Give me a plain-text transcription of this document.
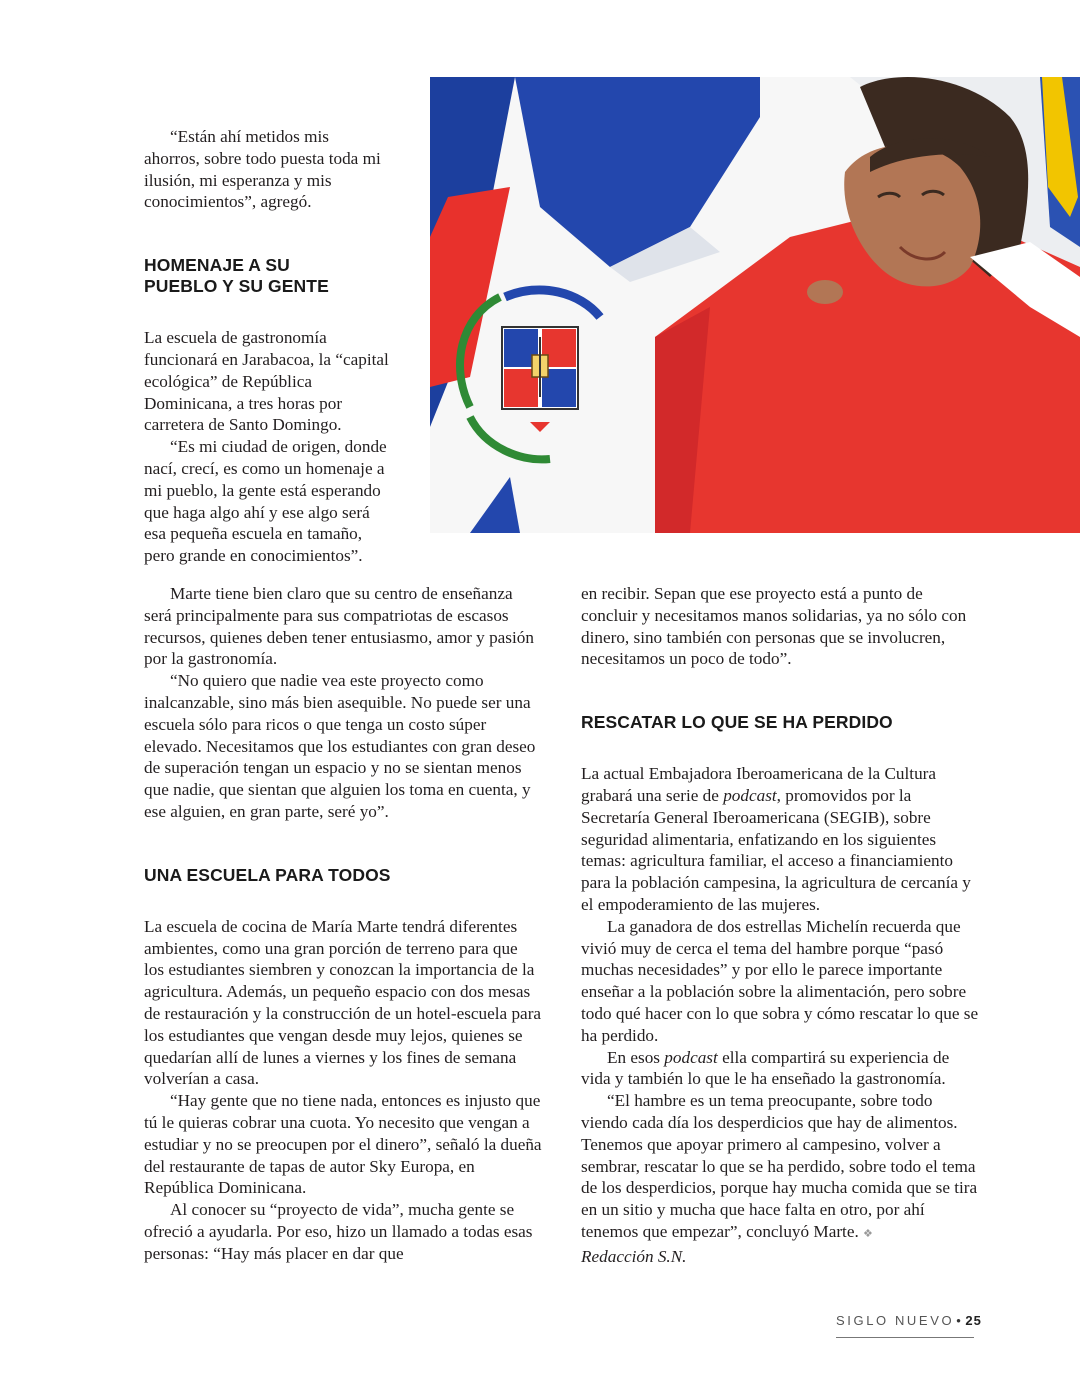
“Están ahí metidos mis ahorros, sobre todo puesta toda mi ilusión, mi esperanza y mis conocimientos”, agregó.

HOMENAJE A SU
PUEBLO Y SU GENTE

La escuela de gastronomía funcionará en Jarabacoa, la “capital ecológica” de República Dominicana, a tres horas por carretera de Santo Domingo.

“Es mi ciudad de origen, donde nací, crecí, es como un homenaje a mi pueblo, la gente está esperando que haga algo ahí y ese algo será esa pequeña escuela en tamaño, pero grande en conocimientos”.

Marte tiene bien claro que su centro de enseñanza será principalmente para sus compatriotas de escasos recursos, quienes deben tener entusiasmo, amor y pasión por la gastronomía.

“No quiero que nadie vea este proyecto como inalcanzable, sino más bien asequible. No puede ser una escuela sólo para ricos o que tenga un costo súper elevado. Necesitamos que los estudiantes con gran deseo de superación tengan un espacio y no se sientan menos que nadie, que sientan que alguien los toma en cuenta, y ese alguien, en gran parte, seré yo”.

UNA ESCUELA PARA TODOS

La escuela de cocina de María Marte tendrá diferentes ambientes, como una gran porción de terreno para que los estudiantes siembren y conozcan la importancia de la agricultura. Además, un pequeño espacio con dos mesas de restauración y la construcción de un hotel-escuela para los estudiantes que vengan desde muy lejos, quienes se quedarían allí de lunes a viernes y los fines de semana volverían a casa.

“Hay gente que no tiene nada, entonces es injusto que tú le quieras cobrar una cuota. Yo necesito que vengan a estudiar y no se preocupen por el dinero”, señaló la dueña del restaurante de tapas de autor Sky Europa, en República Dominicana.

Al conocer su “proyecto de vida”, mucha gente se ofreció a ayudarla. Por eso, hizo un llamado a todas esas personas: “Hay más placer en dar que

en recibir. Sepan que ese proyecto está a punto de concluir y necesitamos manos solidarias, ya no sólo con dinero, sino también con personas que se involucren, necesitamos un poco de todo”.

RESCATAR LO QUE SE HA PERDIDO

La actual Embajadora Iberoamericana de la Cultura grabará una serie de podcast, promovidos por la Secretaría General Iberoamericana (SEGIB), sobre seguridad alimentaria, enfatizando en los siguientes temas: agricultura familiar, el acceso a financiamiento para la población campesina, la agricultura de cercanía y el empoderamiento de las mujeres.

La ganadora de dos estrellas Michelín recuerda que vivió muy de cerca el tema del hambre porque “pasó muchas necesidades” y por ello le parece importante enseñar a la población sobre la alimentación, pero sobre todo qué hacer con lo que sobra y cómo rescatar lo que se ha perdido.

En esos podcast ella compartirá su experiencia de vida y también lo que le ha enseñado la gastronomía.

“El hambre es un tema preocupante, sobre todo viendo cada día los desperdicios que hay de alimentos. Tenemos que apoyar primero al campesino, volver a sembrar, rescatar lo que se ha perdido, sobre todo el tema de los desperdicios, porque hay mucha comida que se tira en un sitio y mucha que hace falta en otro, por ahí tenemos que empezar”, concluyó Marte. ❖

Redacción S.N.

SIGLO NUEVO • 25
